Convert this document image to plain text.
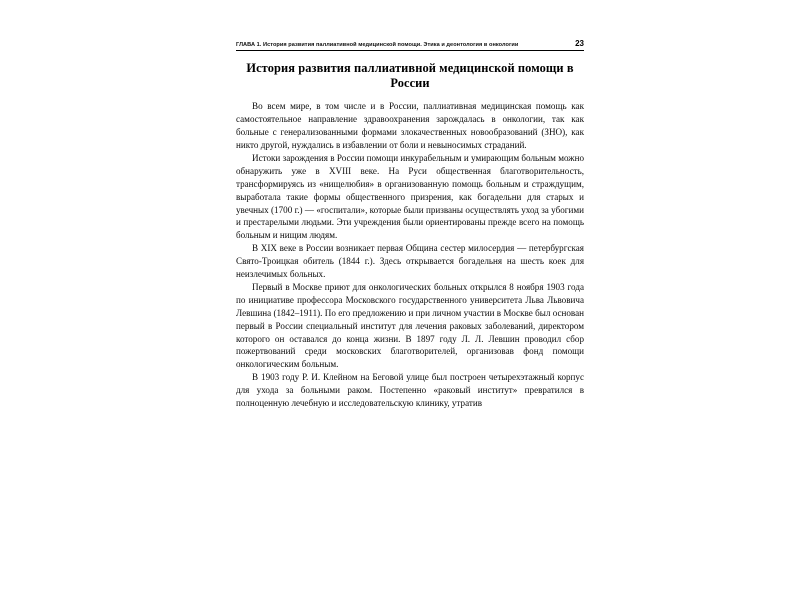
ГЛАВА 1. История развития паллиативной медицинской помощи. Этика и деонтология в онкологии	23
История развития паллиативной медицинской помощи в России

Во всем мире, в том числе и в России, паллиативная медицинская помощь как самостоятельное направление здравоохранения зарождалась в онкологии, так как больные с генерализованными формами злокачественных новообразований (ЗНО), как никто другой, нуждались в избавлении от боли и невыносимых страданий.

Истоки зарождения в России помощи инкурабельным и умирающим больным можно обнаружить уже в XVIII веке. На Руси общественная благотворительность, трансформируясь из «нищелюбия» в организованную помощь больным и страждущим, выработала такие формы общественного призрения, как богадельни для старых и увечных (1700 г.) — «госпитали», которые были призваны осуществлять уход за убогими и престарелыми людьми. Эти учреждения были ориентированы прежде всего на помощь больным и нищим людям.

В XIX веке в России возникает первая Община сестер милосердия — петербургская Свято-Троицкая обитель (1844 г.). Здесь открывается богадельня на шесть коек для неизлечимых больных.

Первый в Москве приют для онкологических больных открылся 8 ноября 1903 года по инициативе профессора Московского государственного университета Льва Львовича Левшина (1842–1911). По его предложению и при личном участии в Москве был основан первый в России специальный институт для лечения раковых заболеваний, директором которого он оставался до конца жизни. В 1897 году Л. Л. Левшин проводил сбор пожертвований среди московских благотворителей, организовав фонд помощи онкологическим больным.

В 1903 году Р. И. Клейном на Беговой улице был построен четырехэтажный корпус для ухода за больными раком. Постепенно «раковый институт» превратился в полноценную лечебную и исследовательскую клинику, утратив
